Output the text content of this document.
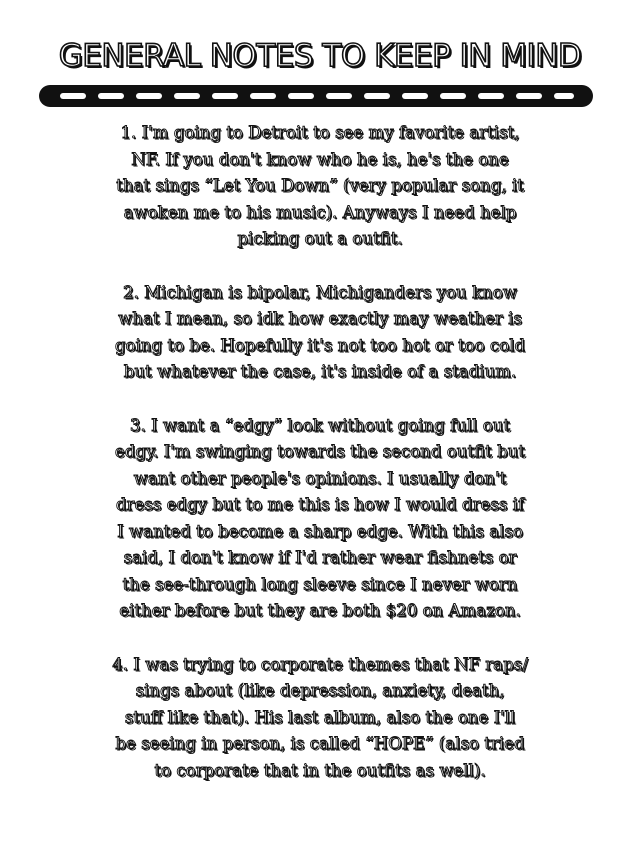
GENERAL NOTES TO KEEP IN MIND

1. I'm going to Detroit to see my favorite artist,
NF. If you don't know who he is, he's the one
that sings “Let You Down” (very popular song, it
awoken me to his music). Anyways I need help
picking out a outfit.

2. Michigan is bipolar, Michiganders you know
what I mean, so idk how exactly may weather is
going to be. Hopefully it's not too hot or too cold
but whatever the case, it's inside of a stadium.

3. I want a “edgy” look without going full out
edgy. I'm swinging towards the second outfit but
want other people's opinions. I usually don't
dress edgy but to me this is how I would dress if
I wanted to become a sharp edge. With this also
said, I don't know if I'd rather wear fishnets or
the see-through long sleeve since I never worn
either before but they are both $20 on Amazon.

4. I was trying to corporate themes that NF raps/
sings about (like depression, anxiety, death,
stuff like that). His last album, also the one I'll
be seeing in person, is called “HOPE” (also tried
to corporate that in the outfits as well).
